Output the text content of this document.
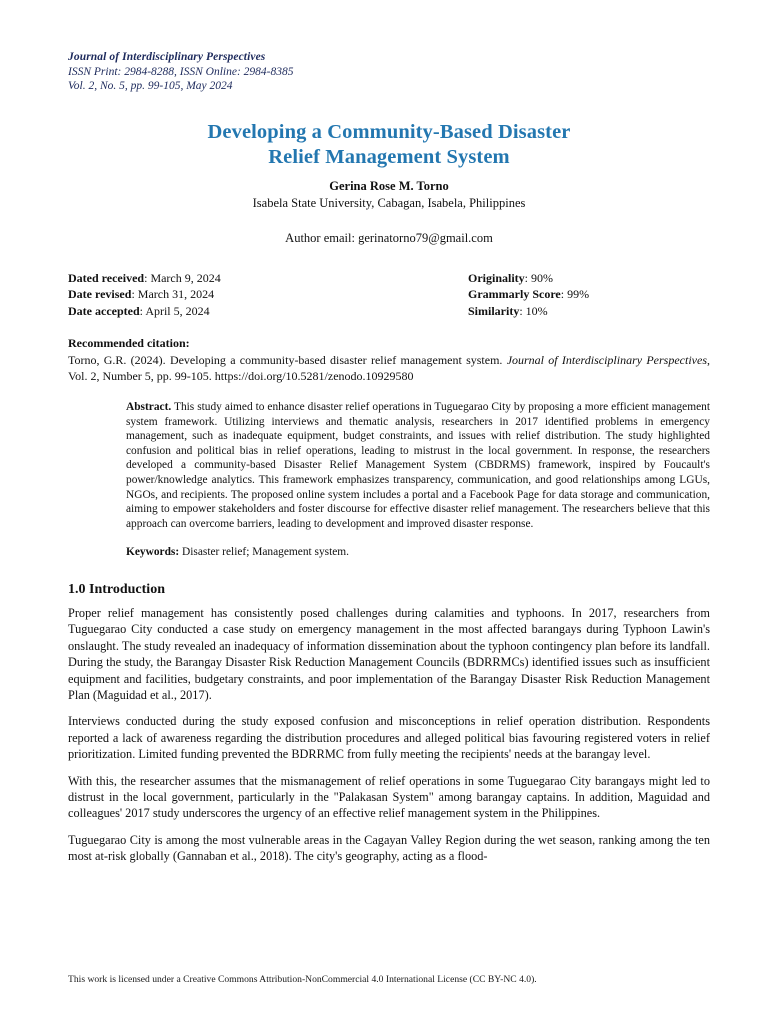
Journal of Interdisciplinary Perspectives
ISSN Print: 2984-8288, ISSN Online: 2984-8385
Vol. 2, No. 5, pp. 99-105, May 2024
Developing a Community-Based Disaster
Relief Management System
Gerina Rose M. Torno
Isabela State University, Cabagan, Isabela, Philippines
Author email: gerinatorno79@gmail.com
Dated received: March 9, 2024
Date revised: March 31, 2024
Date accepted: April 5, 2024
Originality: 90%
Grammarly Score: 99%
Similarity: 10%
Recommended citation:
Torno, G.R. (2024). Developing a community-based disaster relief management system. Journal of Interdisciplinary Perspectives, Vol. 2, Number 5, pp. 99-105. https://doi.org/10.5281/zenodo.10929580
Abstract. This study aimed to enhance disaster relief operations in Tuguegarao City by proposing a more efficient management system framework. Utilizing interviews and thematic analysis, researchers in 2017 identified problems in emergency management, such as inadequate equipment, budget constraints, and issues with relief distribution. The study highlighted confusion and political bias in relief operations, leading to mistrust in the local government. In response, the researchers developed a community-based Disaster Relief Management System (CBDRMS) framework, inspired by Foucault's power/knowledge analytics. This framework emphasizes transparency, communication, and good relationships among LGUs, NGOs, and recipients. The proposed online system includes a portal and a Facebook Page for data storage and communication, aiming to empower stakeholders and foster discourse for effective disaster relief management. The researchers believe that this approach can overcome barriers, leading to development and improved disaster response.
Keywords: Disaster relief; Management system.
1.0 Introduction
Proper relief management has consistently posed challenges during calamities and typhoons. In 2017, researchers from Tuguegarao City conducted a case study on emergency management in the most affected barangays during Typhoon Lawin's onslaught. The study revealed an inadequacy of information dissemination about the typhoon contingency plan before its landfall. During the study, the Barangay Disaster Risk Reduction Management Councils (BDRRMCs) identified issues such as insufficient equipment and facilities, budgetary constraints, and poor implementation of the Barangay Disaster Risk Reduction Management Plan (Maguidad et al., 2017).
Interviews conducted during the study exposed confusion and misconceptions in relief operation distribution. Respondents reported a lack of awareness regarding the distribution procedures and alleged political bias favouring registered voters in relief prioritization. Limited funding prevented the BDRRMC from fully meeting the recipients' needs at the barangay level.
With this, the researcher assumes that the mismanagement of relief operations in some Tuguegarao City barangays might led to distrust in the local government, particularly in the "Palakasan System" among barangay captains. In addition, Maguidad and colleagues' 2017 study underscores the urgency of an effective relief management system in the Philippines.
Tuguegarao City is among the most vulnerable areas in the Cagayan Valley Region during the wet season, ranking among the ten most at-risk globally (Gannaban et al., 2018). The city's geography, acting as a flood-
This work is licensed under a Creative Commons Attribution-NonCommercial 4.0 International License (CC BY-NC 4.0).
